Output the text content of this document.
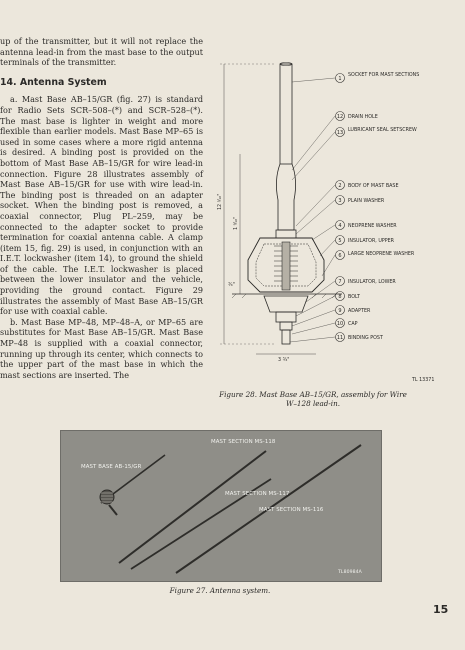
up of the transmitter, but it will not replace the antenna lead-in from the mast base to the output terminals of the transmitter.

14. Antenna System

a. Mast Base AB–15/GR (fig. 27) is standard for Radio Sets SCR–508–(*) and SCR–528–(*). The mast base is lighter in weight and more flexible than earlier models. Mast Base MP–65 is used in some cases where a more rigid antenna is desired. A binding post is provided on the bottom of Mast Base AB–15/GR for wire lead-in connection. Figure 28 illustrates assembly of Mast Base AB–15/GR for use with wire lead-in. The binding post is threaded on an adapter socket. When the binding post is removed, a coaxial connector, Plug PL–259, may be connected to the adapter socket to provide termination for coaxial antenna cable. A clamp (item 15, fig. 29) is used, in conjunction with an I.E.T. lockwasher (item 14), to ground the shield of the cable. The I.E.T. lockwasher is placed between the lower insulator and the vehicle, providing the ground contact. Figure 29 illustrates the assembly of Mast Base AB–15/GR for use with coaxial cable.

b. Mast Base MP–48, MP–48–A, or MP–65 are substitutes for Mast Base AB–15/GR. Mast Base MP–48 is supplied with a coaxial connector, running up through its center, which connects to the upper part of the mast base in which the mast sections are inserted. The

12 ⁵⁄₁₆"
1 ⁹⁄₁₆"
¾"
3 ¾"
1
SOCKET FOR MAST SECTIONS
12 DRAIN HOLE
13 LUBRICANT SEAL SETSCREW
2 BODY OF MAST BASE
3 PLAIN WASHER
4 NEOPRENE WASHER
5 INSULATOR, UPPER
6 LARGE NEOPRENE WASHER
7 INSULATOR, LOWER
8 BOLT
9 ADAPTER
10 CAP
11 BINDING POST
TL 13371
Figure 28. Mast Base AB–15/GR, assembly for Wire W–128 lead-in.
MAST BASE AB-15/GR
MAST SECTION MS-118
MAST SECTION MS-117
MAST SECTION MS-116
TL80984A
Figure 27. Antenna system.
15
